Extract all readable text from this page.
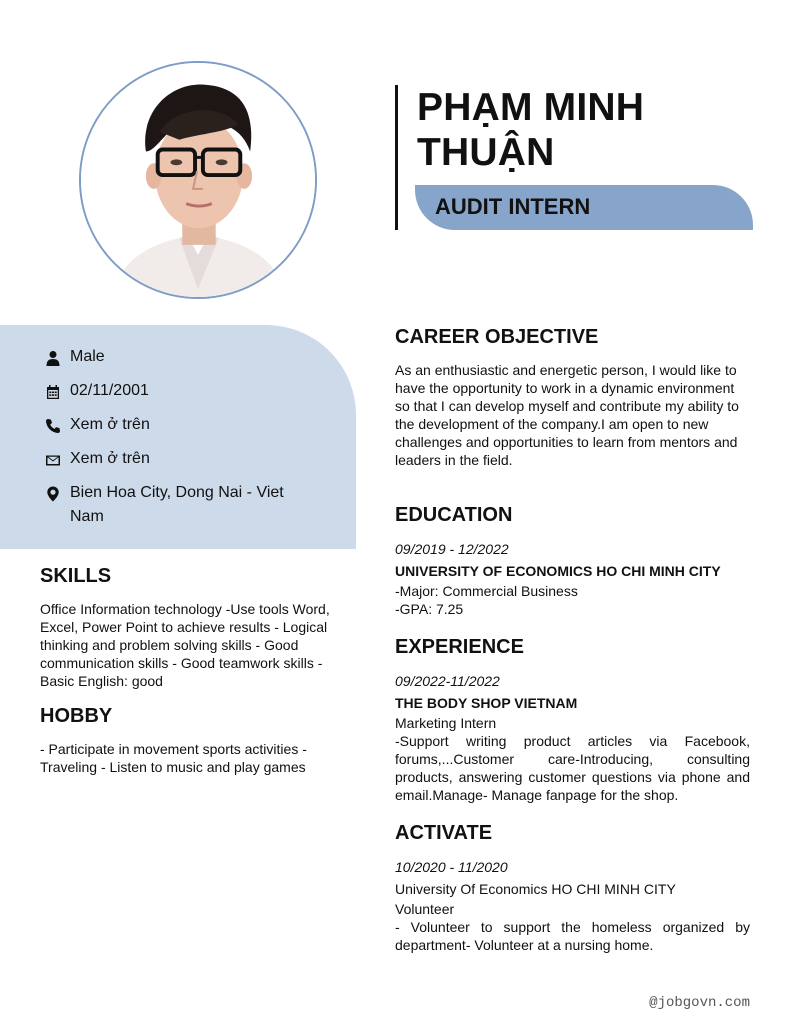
PHẠM MINH
THUẬN
AUDIT INTERN
Male
02/11/2001
Xem ở trên
Xem ở trên
Bien Hoa City, Dong Nai - Viet Nam
SKILLS
Office Information technology -Use tools Word, Excel, Power Point to achieve results - Logical thinking and problem solving skills - Good communication skills - Good teamwork skills - Basic English: good
HOBBY
- Participate in movement sports activities - Traveling - Listen to music and play games
CAREER OBJECTIVE
As an enthusiastic and energetic person, I would like to have the opportunity to work in a dynamic environment so that I can develop myself and contribute my ability to the development of the company.I am open to new challenges and opportunities to learn from mentors and leaders in the field.
EDUCATION
09/2019 - 12/2022
UNIVERSITY OF ECONOMICS HO CHI MINH CITY
-Major: Commercial Business
-GPA: 7.25
EXPERIENCE
09/2022-11/2022
THE BODY SHOP VIETNAM
Marketing Intern
-Support writing product articles via Facebook, forums,...Customer care-Introducing, consulting products, answering customer questions via phone and email.Manage- Manage fanpage for the shop.
ACTIVATE
10/2020 - 11/2020
University Of Economics HO CHI MINH CITY
Volunteer
- Volunteer to support the homeless organized by department- Volunteer at a nursing home.
@jobgovn.com
